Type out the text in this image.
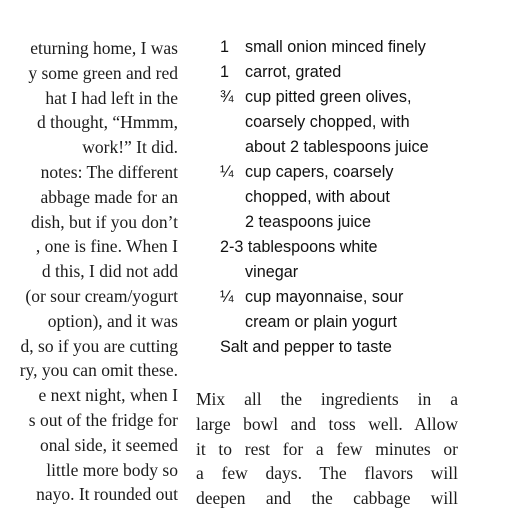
eturning home, I was
y some green and red
hat I had left in the
d thought, “Hmmm,
work!” It did.
notes: The different
abbage made for an
dish, but if you don’t
, one is fine. When I
d this, I did not add
(or sour cream/yogurt
option), and it was
d, so if you are cutting
ry, you can omit these.
e next night, when I
s out of the fridge for
onal side, it seemed
little more body so
nayo. It rounded out
1 small onion minced finely
1 carrot, grated
¾ cup pitted green olives,
coarsely chopped, with
about 2 tablespoons juice
¼ cup capers, coarsely
chopped, with about
2 teaspoons juice
2-3 tablespoons white
vinegar
¼ cup mayonnaise, sour
cream or plain yogurt
Salt and pepper to taste
Mix all the ingredients in a
large bowl and toss well. Allow
it to rest for a few minutes or
a few days. The flavors will
deepen and the cabbage will
